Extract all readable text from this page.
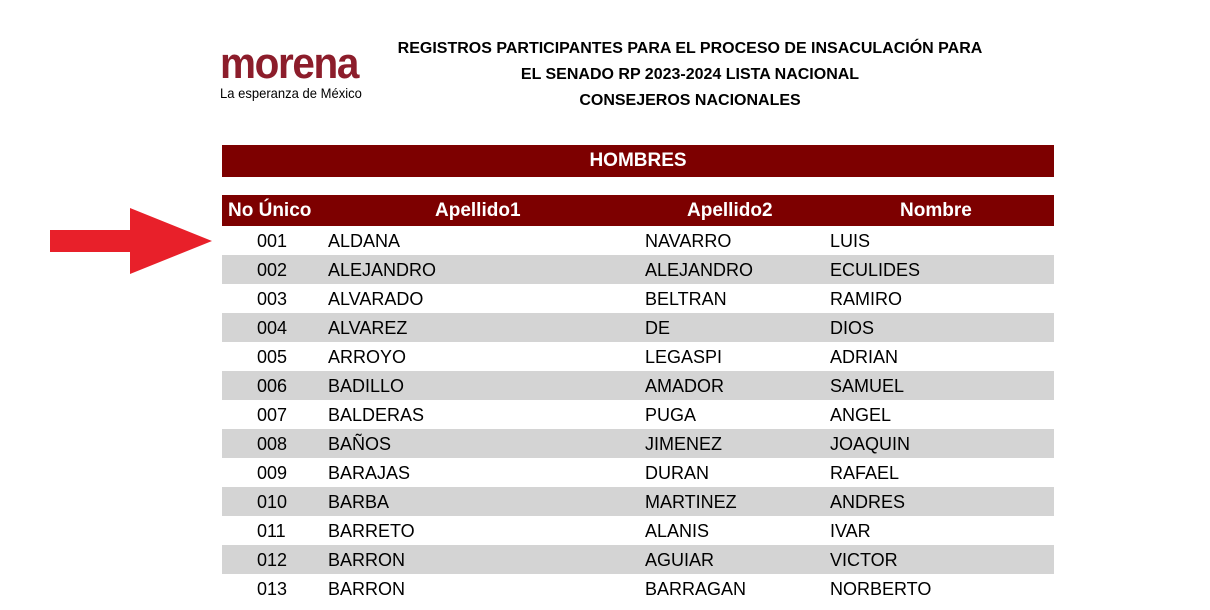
morena
La esperanza de México
REGISTROS PARTICIPANTES PARA EL PROCESO DE INSACULACIÓN PARA
EL SENADO RP 2023-2024 LISTA NACIONAL
CONSEJEROS NACIONALES
HOMBRES
No Único	Apellido1	Apellido2	Nombre
001 ALDANA	NAVARRO	LUIS
002 ALEJANDRO	ALEJANDRO	ECULIDES
003 ALVARADO	BELTRAN	RAMIRO
004 ALVAREZ	DE	DIOS
005 ARROYO	LEGASPI	ADRIAN
006 BADILLO	AMADOR	SAMUEL
007 BALDERAS	PUGA	ANGEL
008 BAÑOS	JIMENEZ	JOAQUIN
009 BARAJAS	DURAN	RAFAEL
010 BARBA	MARTINEZ	ANDRES
011 BARRETO	ALANIS	IVAR
012 BARRON	AGUIAR	VICTOR
013 BARRON	BARRAGAN	NORBERTO
